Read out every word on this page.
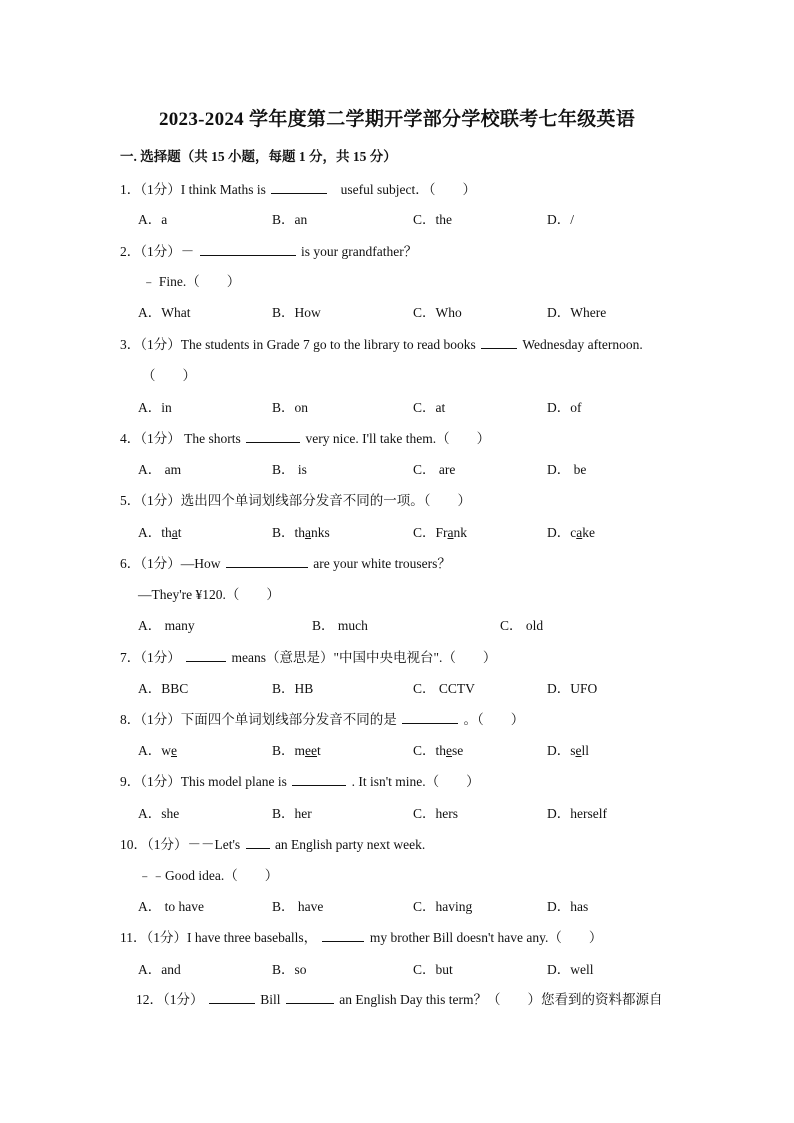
2023-2024 学年度第二学期开学部分学校联考七年级英语
一. 选择题（共 15 小题，每题 1 分，共 15 分）
1．（1分）I think Maths is	useful subject．（　　）
A．a	B．an	C．the	D．/
2．（1分）－	is your grandfather？
﹣ Fine.（　　）
A．What	B．How	C．Who	D．Where
3．（1分）The students in Grade 7 go to the library to read books	Wednesday afternoon.
（　　）
A．in	B．on	C．at	D．of
4．（1分） The shorts	very nice. I'll take them.（　　）
A． am	B． is	C． are	D． be
5．（1分）选出四个单词划线部分发音不同的一项。（　　）
A．that	B．thanks	C．Frank	D．cake
6．（1分）—How	are your white trousers？
—They're ¥120.（　　）
A． many	B． much	C． old
7．（1分）	means（意思是）"中国中央电视台".（　　）
A．BBC	B．HB	C． CCTV	D．UFO
8．（1分）下面四个单词划线部分发音不同的是	。（　　）
A．we	B．meet	C．these	D．sell
9．（1分）This model plane is	. It isn't mine.（　　）
A．she	B．her	C．hers	D．herself
10．（1分）－－Let's	an English party next week.
﹣﹣Good idea.（　　）
A． to have	B． have	C．having	D．has
11．（1分）I have three baseballs，	my brother Bill doesn't have any.（　　）
A．and	B．so	C．but	D．well
12．（1分）	Bill	an English Day this term？（　　）您看到的资料都源自
